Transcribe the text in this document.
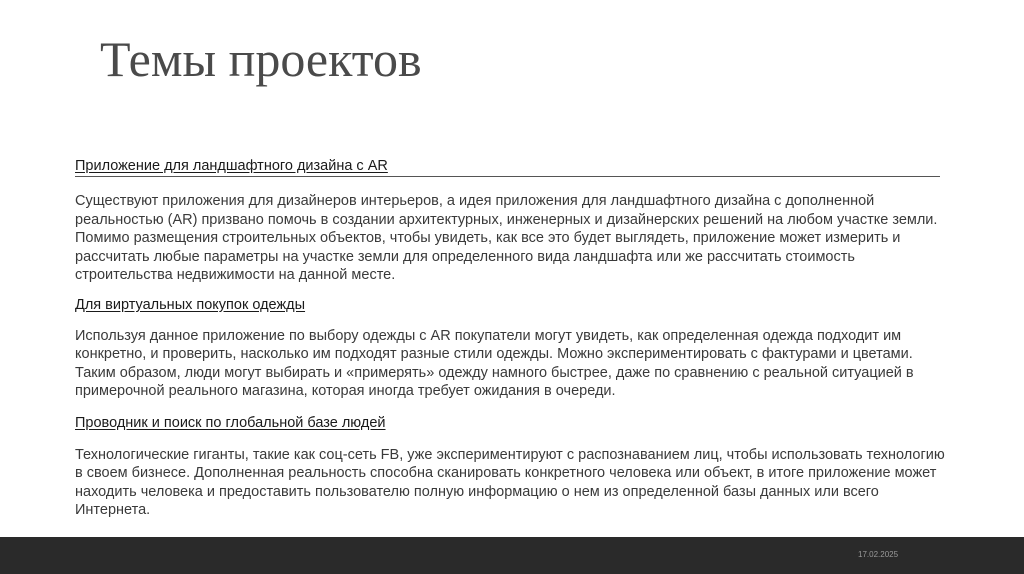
Темы проектов

Приложение для ландшафтного дизайна с AR

Существуют приложения для дизайнеров интерьеров, а идея приложения для ландшафтного дизайна с дополненной реальностью (AR) призвано помочь в создании архитектурных, инженерных и дизайнерских решений на любом участке земли. Помимо размещения строительных объектов, чтобы увидеть, как все это будет выглядеть, приложение может измерить и рассчитать любые параметры на участке земли для определенного вида ландшафта или же рассчитать стоимость строительства недвижимости на данной месте.

Для виртуальных покупок одежды

Используя данное приложение по выбору одежды с AR покупатели могут увидеть, как определенная одежда подходит им конкретно, и проверить, насколько им подходят разные стили одежды. Можно экспериментировать с фактурами и цветами. Таким образом, люди могут выбирать и «примерять» одежду намного быстрее, даже по сравнению с реальной ситуацией в примерочной реального магазина, которая иногда требует ожидания в очереди.

Проводник и поиск по глобальной базе людей

Технологические гиганты, такие как соц-сеть FB, уже экспериментируют с распознаванием лиц, чтобы использовать технологию в своем бизнесе. Дополненная реальность способна сканировать конкретного человека или объект, в итоге приложение может находить человека и предоставить пользователю полную информацию о нем из определенной базы данных или всего Интернета.

17.02.2025
